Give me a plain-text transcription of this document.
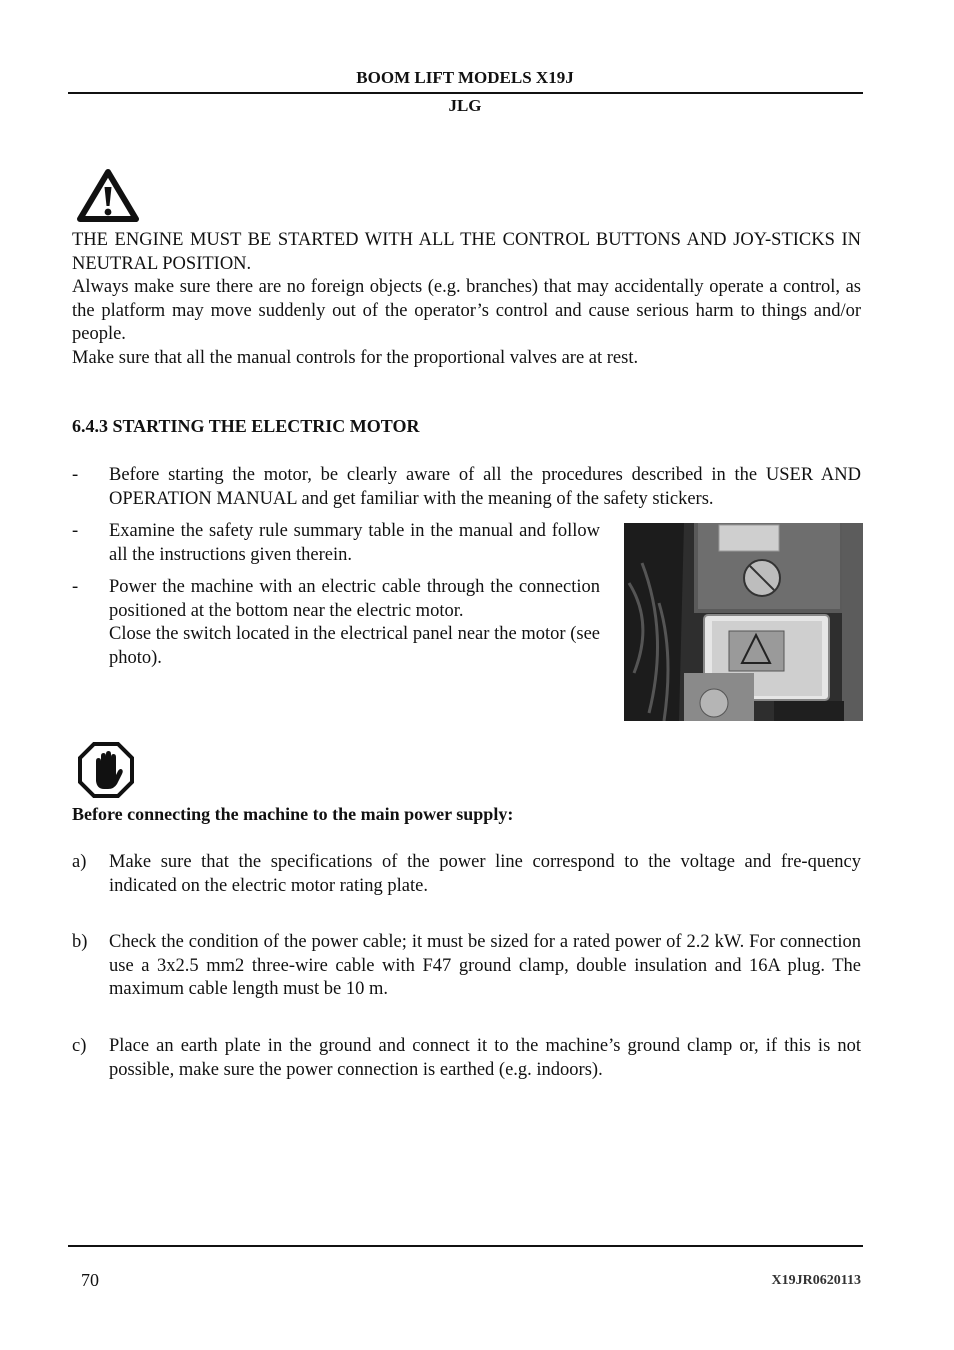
BOOM LIFT MODELS X19J
JLG

THE ENGINE MUST BE STARTED WITH ALL THE CONTROL BUTTONS AND JOY-STICKS IN NEUTRAL POSITION.

Always make sure there are no foreign objects (e.g. branches) that may accidentally operate a control, as the platform may move suddenly out of the operator’s control and cause serious harm to things and/or people.

Make sure that all the manual controls for the proportional valves are at rest.

6.4.3 STARTING THE ELECTRIC MOTOR
- Before starting the motor, be clearly aware of all the procedures described in the USER AND OPERATION MANUAL and get familiar with the meaning of the safety stickers.

- Examine the safety rule summary table in the manual and follow all the instructions given therein.

- Power the machine with an electric cable through the connection positioned at the bottom near the electric motor.

Close the switch located in the electrical panel near the motor (see photo).

Before connecting the machine to the main power supply:
a) Make sure that the specifications of the power line correspond to the voltage and fre-quency indicated on the electric motor rating plate.

b) Check the condition of the power cable; it must be sized for a rated power of 2.2 kW. For connection use a 3x2.5 mm2 three-wire cable with F47 ground clamp, double insulation and 16A plug. The maximum cable length must be 10 m.

c) Place an earth plate in the ground and connect it to the machine’s ground clamp or, if this is not possible, make sure the power connection is earthed (e.g. indoors).

70	X19JR0620113
